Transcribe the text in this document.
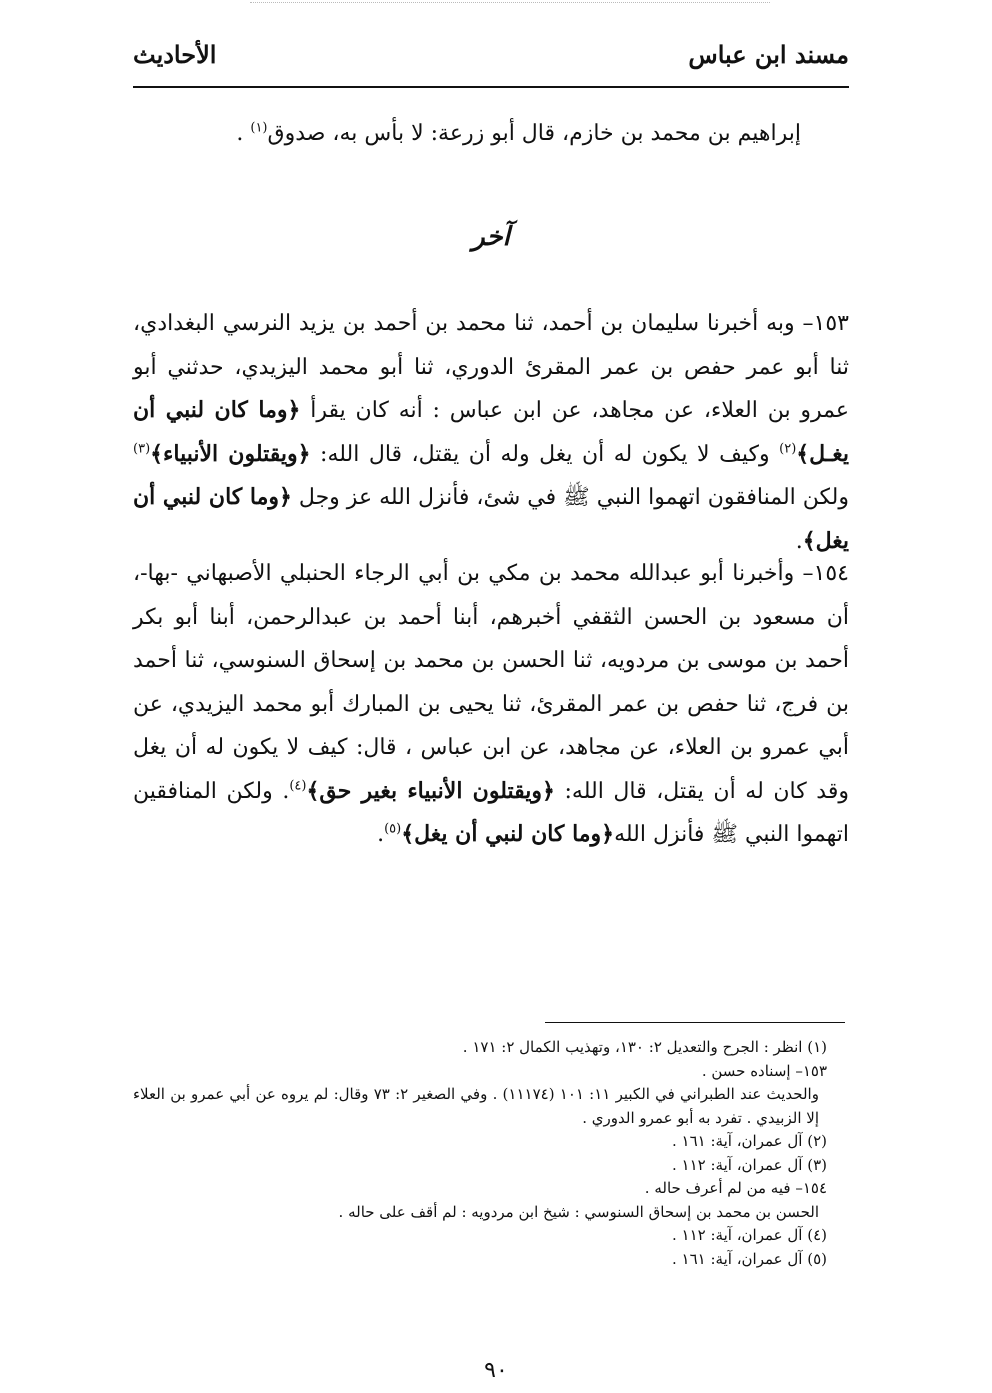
مسند ابن عباس
الأحاديث
إبراهيم بن محمد بن خازم، قال أبو زرعة: لا بأس به، صدوق$^{(١)}$ .
آخر
١٥٣– وبه أخبرنا سليمان بن أحمد، ثنا محمد بن أحمد بن يزيد النرسي البغدادي، ثنا أبو عمر حفص بن عمر المقرئ الدوري، ثنا أبو محمد اليزيدي، حدثني أبو عمرو بن العلاء، عن مجاهد، عن ابن عباس : أنه كان يقرأ ﴿وما كان لنبي أن يغـل﴾$^{(٢)}$ وكيف لا يكون له أن يغل وله أن يقتل، قال الله: ﴿ويقتلون الأنبياء﴾$^{(٣)}$ ولكن المنافقون اتهموا النبي ﷺ في شئ، فأنزل الله عز وجل ﴿وما كان لنبي أن يغل﴾.
١٥٤– وأخبرنا أبو عبدالله محمد بن مكي بن أبي الرجاء الحنبلي الأصبهاني -بها-، أن مسعود بن الحسن الثقفي أخبرهم، أبنا أحمد بن عبدالرحمن، أبنا أبو بكر أحمد بن موسى بن مردويه، ثنا الحسن بن محمد بن إسحاق السنوسي، ثنا أحمد بن فرج، ثنا حفص بن عمر المقرئ، ثنا يحيى بن المبارك أبو محمد اليزيدي، عن أبي عمرو بن العلاء، عن مجاهد، عن ابن عباس ، قال: كيف لا يكون له أن يغل وقد كان له أن يقتل، قال الله: ﴿ويقتلون الأنبياء بغير حق﴾$^{(٤)}$. ولكن المنافقين اتهموا النبي ﷺ فأنزل الله﴿وما كان لنبي أن يغل﴾$^{(٥)}$.
(١) انظر : الجرح والتعديل ٢: ١٣٠، وتهذيب الكمال ٢: ١٧١ .
١٥٣– إسناده حسن .
والحديث عند الطبراني في الكبير ١١: ١٠١ (١١١٧٤) . وفي الصغير ٢: ٧٣ وقال: لم يروه عن أبي عمرو بن العلاء إلا الزبيدي . تفرد به أبو عمرو الدوري .
(٢) آل عمران، آية: ١٦١ .
(٣) آل عمران، آية: ١١٢ .
١٥٤– فيه من لم أعرف حاله .
الحسن بن محمد بن إسحاق السنوسي : شيخ ابن مردويه : لم أقف على حاله .
(٤) آل عمران، آية: ١١٢ .
(٥) آل عمران، آية: ١٦١ .
٩٠
